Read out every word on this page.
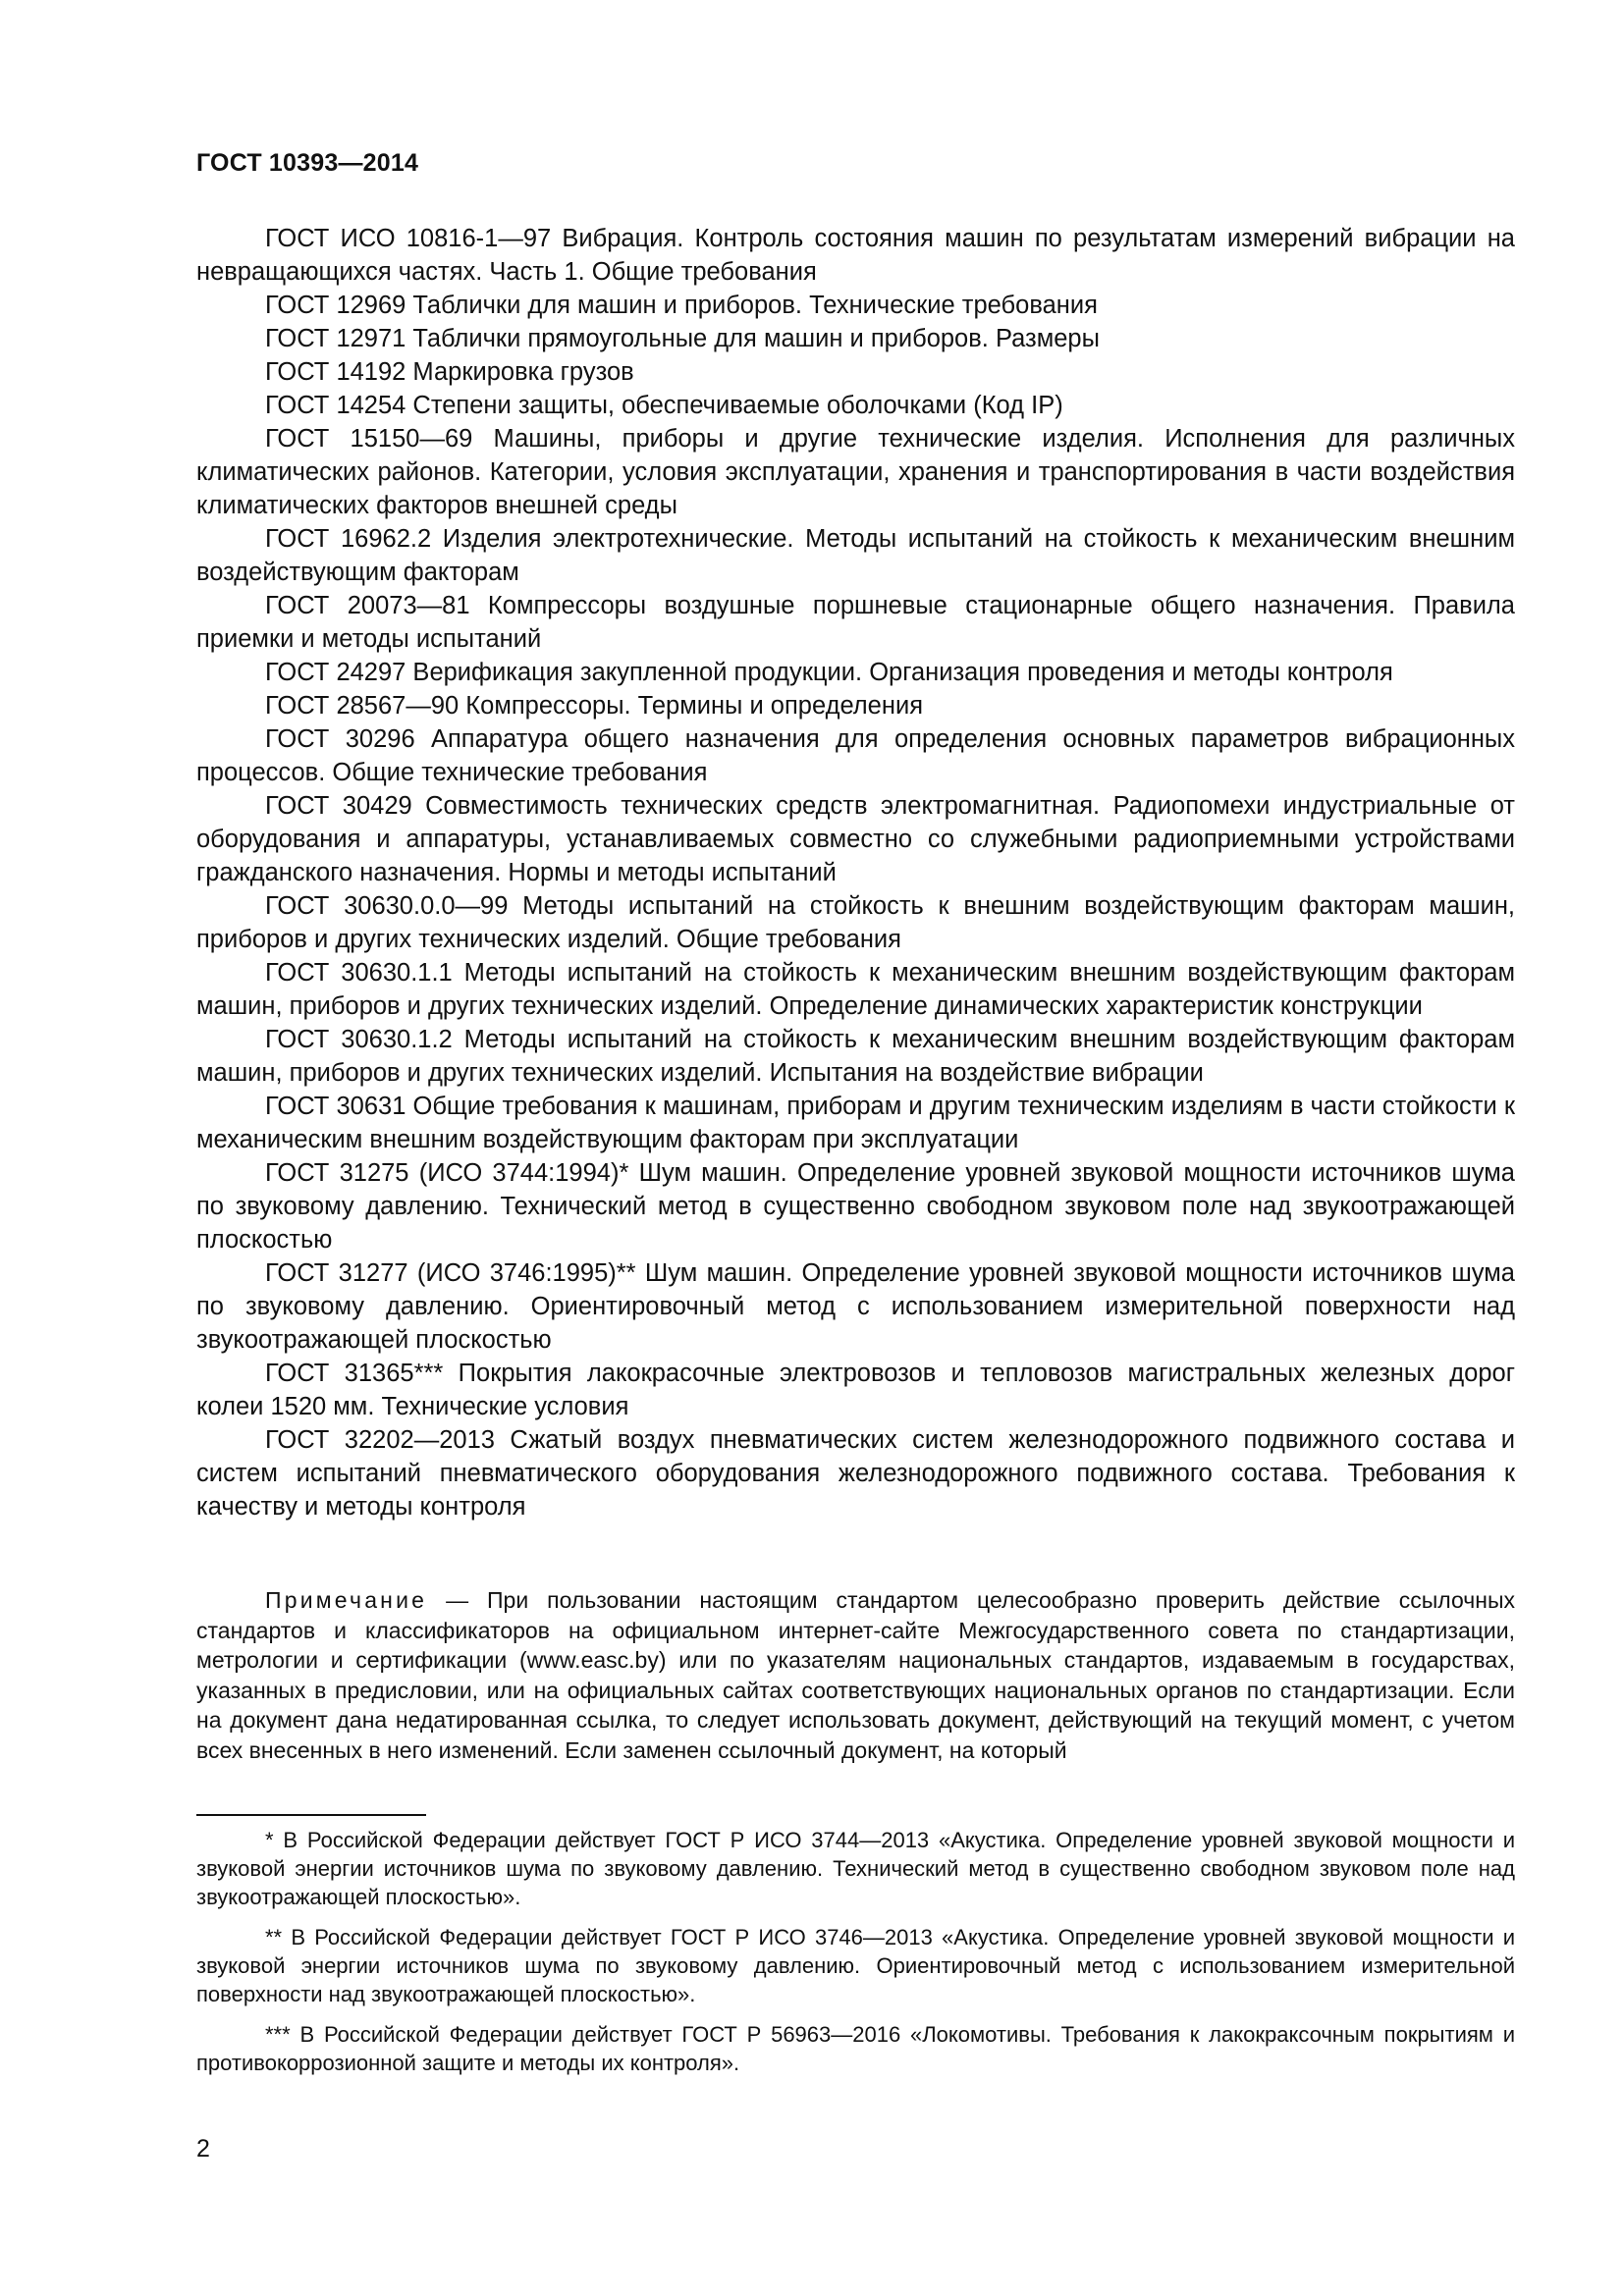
ГОСТ 10393—2014

ГОСТ ИСО 10816-1—97 Вибрация. Контроль состояния машин по результатам измерений вибрации на невращающихся частях. Часть 1. Общие требования

ГОСТ 12969 Таблички для машин и приборов. Технические требования

ГОСТ 12971 Таблички прямоугольные для машин и приборов. Размеры

ГОСТ 14192 Маркировка грузов

ГОСТ 14254 Степени защиты, обеспечиваемые оболочками (Код IP)

ГОСТ 15150—69 Машины, приборы и другие технические изделия. Исполнения для различных климатических районов. Категории, условия эксплуатации, хранения и транспортирования в части воздействия климатических факторов внешней среды

ГОСТ 16962.2 Изделия электротехнические. Методы испытаний на стойкость к механическим внешним воздействующим факторам

ГОСТ 20073—81 Компрессоры воздушные поршневые стационарные общего назначения. Правила приемки и методы испытаний

ГОСТ 24297 Верификация закупленной продукции. Организация проведения и методы контроля

ГОСТ 28567—90 Компрессоры. Термины и определения

ГОСТ 30296 Аппаратура общего назначения для определения основных параметров вибрационных процессов. Общие технические требования

ГОСТ 30429 Совместимость технических средств электромагнитная. Радиопомехи индустриальные от оборудования и аппаратуры, устанавливаемых совместно со служебными радиоприемными устройствами гражданского назначения. Нормы и методы испытаний

ГОСТ 30630.0.0—99 Методы испытаний на стойкость к внешним воздействующим факторам машин, приборов и других технических изделий. Общие требования

ГОСТ 30630.1.1 Методы испытаний на стойкость к механическим внешним воздействующим факторам машин, приборов и других технических изделий. Определение динамических характеристик конструкции

ГОСТ 30630.1.2 Методы испытаний на стойкость к механическим внешним воздействующим факторам машин, приборов и других технических изделий. Испытания на воздействие вибрации

ГОСТ 30631 Общие требования к машинам, приборам и другим техническим изделиям в части стойкости к механическим внешним воздействующим факторам при эксплуатации

ГОСТ 31275 (ИСО 3744:1994)* Шум машин. Определение уровней звуковой мощности источников шума по звуковому давлению. Технический метод в существенно свободном звуковом поле над звукоотражающей плоскостью

ГОСТ 31277 (ИСО 3746:1995)** Шум машин. Определение уровней звуковой мощности источников шума по звуковому давлению. Ориентировочный метод с использованием измерительной поверхности над звукоотражающей плоскостью

ГОСТ 31365*** Покрытия лакокрасочные электровозов и тепловозов магистральных железных дорог колеи 1520 мм. Технические условия

ГОСТ 32202—2013 Сжатый воздух пневматических систем железнодорожного подвижного состава и систем испытаний пневматического оборудования железнодорожного подвижного состава. Требования к качеству и методы контроля

Примечание — При пользовании настоящим стандартом целесообразно проверить действие ссылочных стандартов и классификаторов на официальном интернет-сайте Межгосударственного совета по стандартизации, метрологии и сертификации (www.easc.by) или по указателям национальных стандартов, издаваемым в государствах, указанных в предисловии, или на официальных сайтах соответствующих национальных органов по стандартизации. Если на документ дана недатированная ссылка, то следует использовать документ, действующий на текущий момент, с учетом всех внесенных в него изменений. Если заменен ссылочный документ, на который

* В Российской Федерации действует ГОСТ Р ИСО 3744—2013 «Акустика. Определение уровней звуковой мощности и звуковой энергии источников шума по звуковому давлению. Технический метод в существенно свободном звуковом поле над звукоотражающей плоскостью».

** В Российской Федерации действует ГОСТ Р ИСО 3746—2013 «Акустика. Определение уровней звуковой мощности и звуковой энергии источников шума по звуковому давлению. Ориентировочный метод с использованием измерительной поверхности над звукоотражающей плоскостью».

*** В Российской Федерации действует ГОСТ Р 56963—2016 «Локомотивы. Требования к лакокраксочным покрытиям и противокоррозионной защите и методы их контроля».

2
